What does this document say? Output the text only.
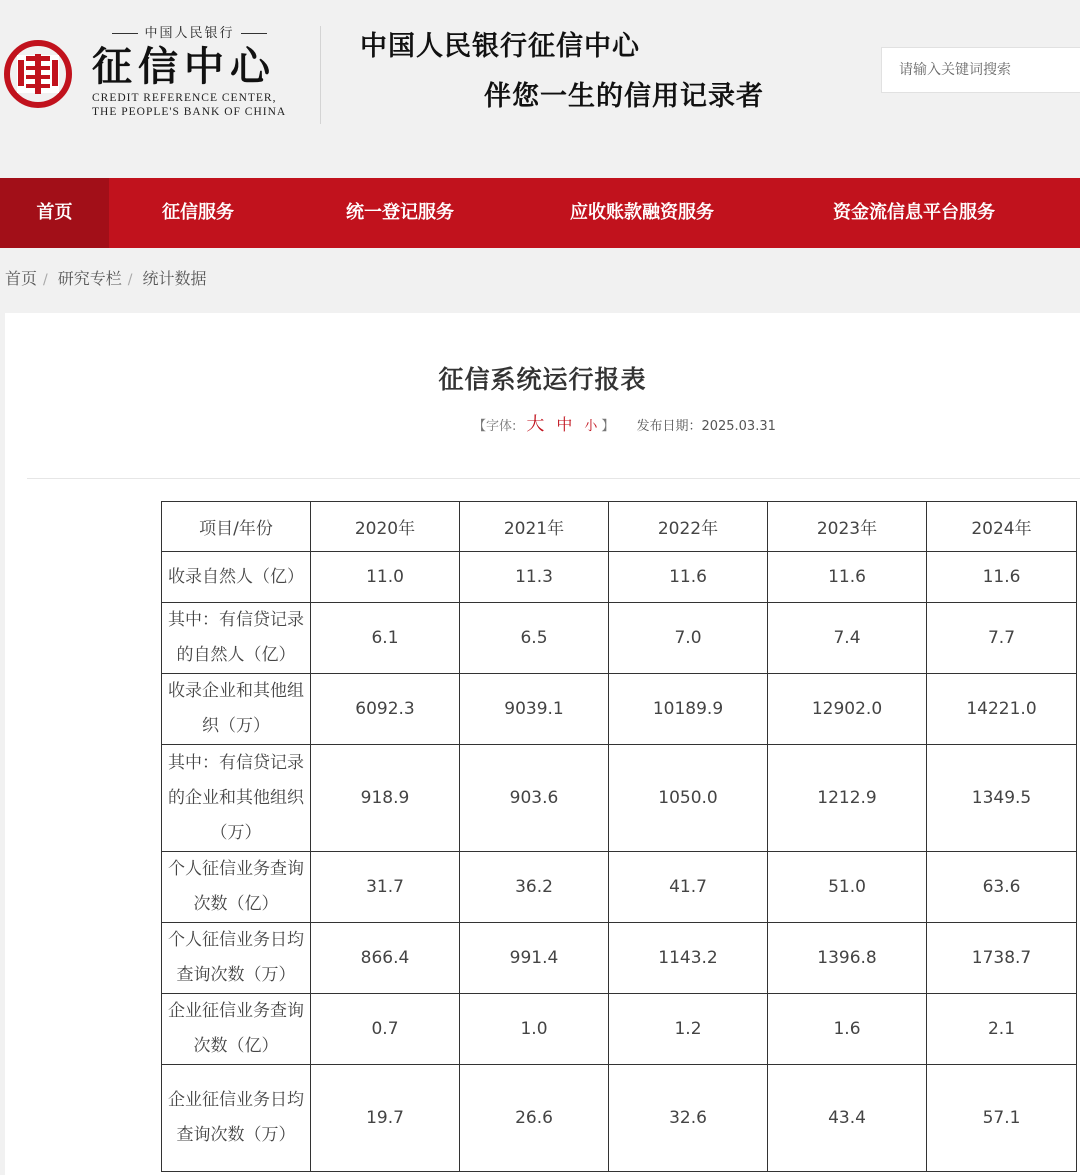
中国人民银行
征信中心
CREDIT REFERENCE CENTER,
THE PEOPLE'S BANK OF CHINA
中国人民银行征信中心
伴您一生的信用记录者
请输入关键词搜索
首页	征信服务	统一登记服务	应收账款融资服务	资金流信息平台服务
首页 / 研究专栏 / 统计数据
征信系统运行报表
【字体: 大 中 小 】 发布日期：2025.03.31
项目/年份	2020年	2021年	2022年	2023年	2024年
收录自然人（亿）	11.0	11.3	11.6	11.6	11.6
其中：有信贷记录的自然人（亿）	6.1	6.5	7.0	7.4	7.7
收录企业和其他组织（万）	6092.3	9039.1	10189.9	12902.0	14221.0
其中：有信贷记录的企业和其他组织（万）	918.9	903.6	1050.0	1212.9	1349.5
个人征信业务查询次数（亿）	31.7	36.2	41.7	51.0	63.6
个人征信业务日均查询次数（万）	866.4	991.4	1143.2	1396.8	1738.7
企业征信业务查询次数（亿）	0.7	1.0	1.2	1.6	2.1
企业征信业务日均查询次数（万）	19.7	26.6	32.6	43.4	57.1
